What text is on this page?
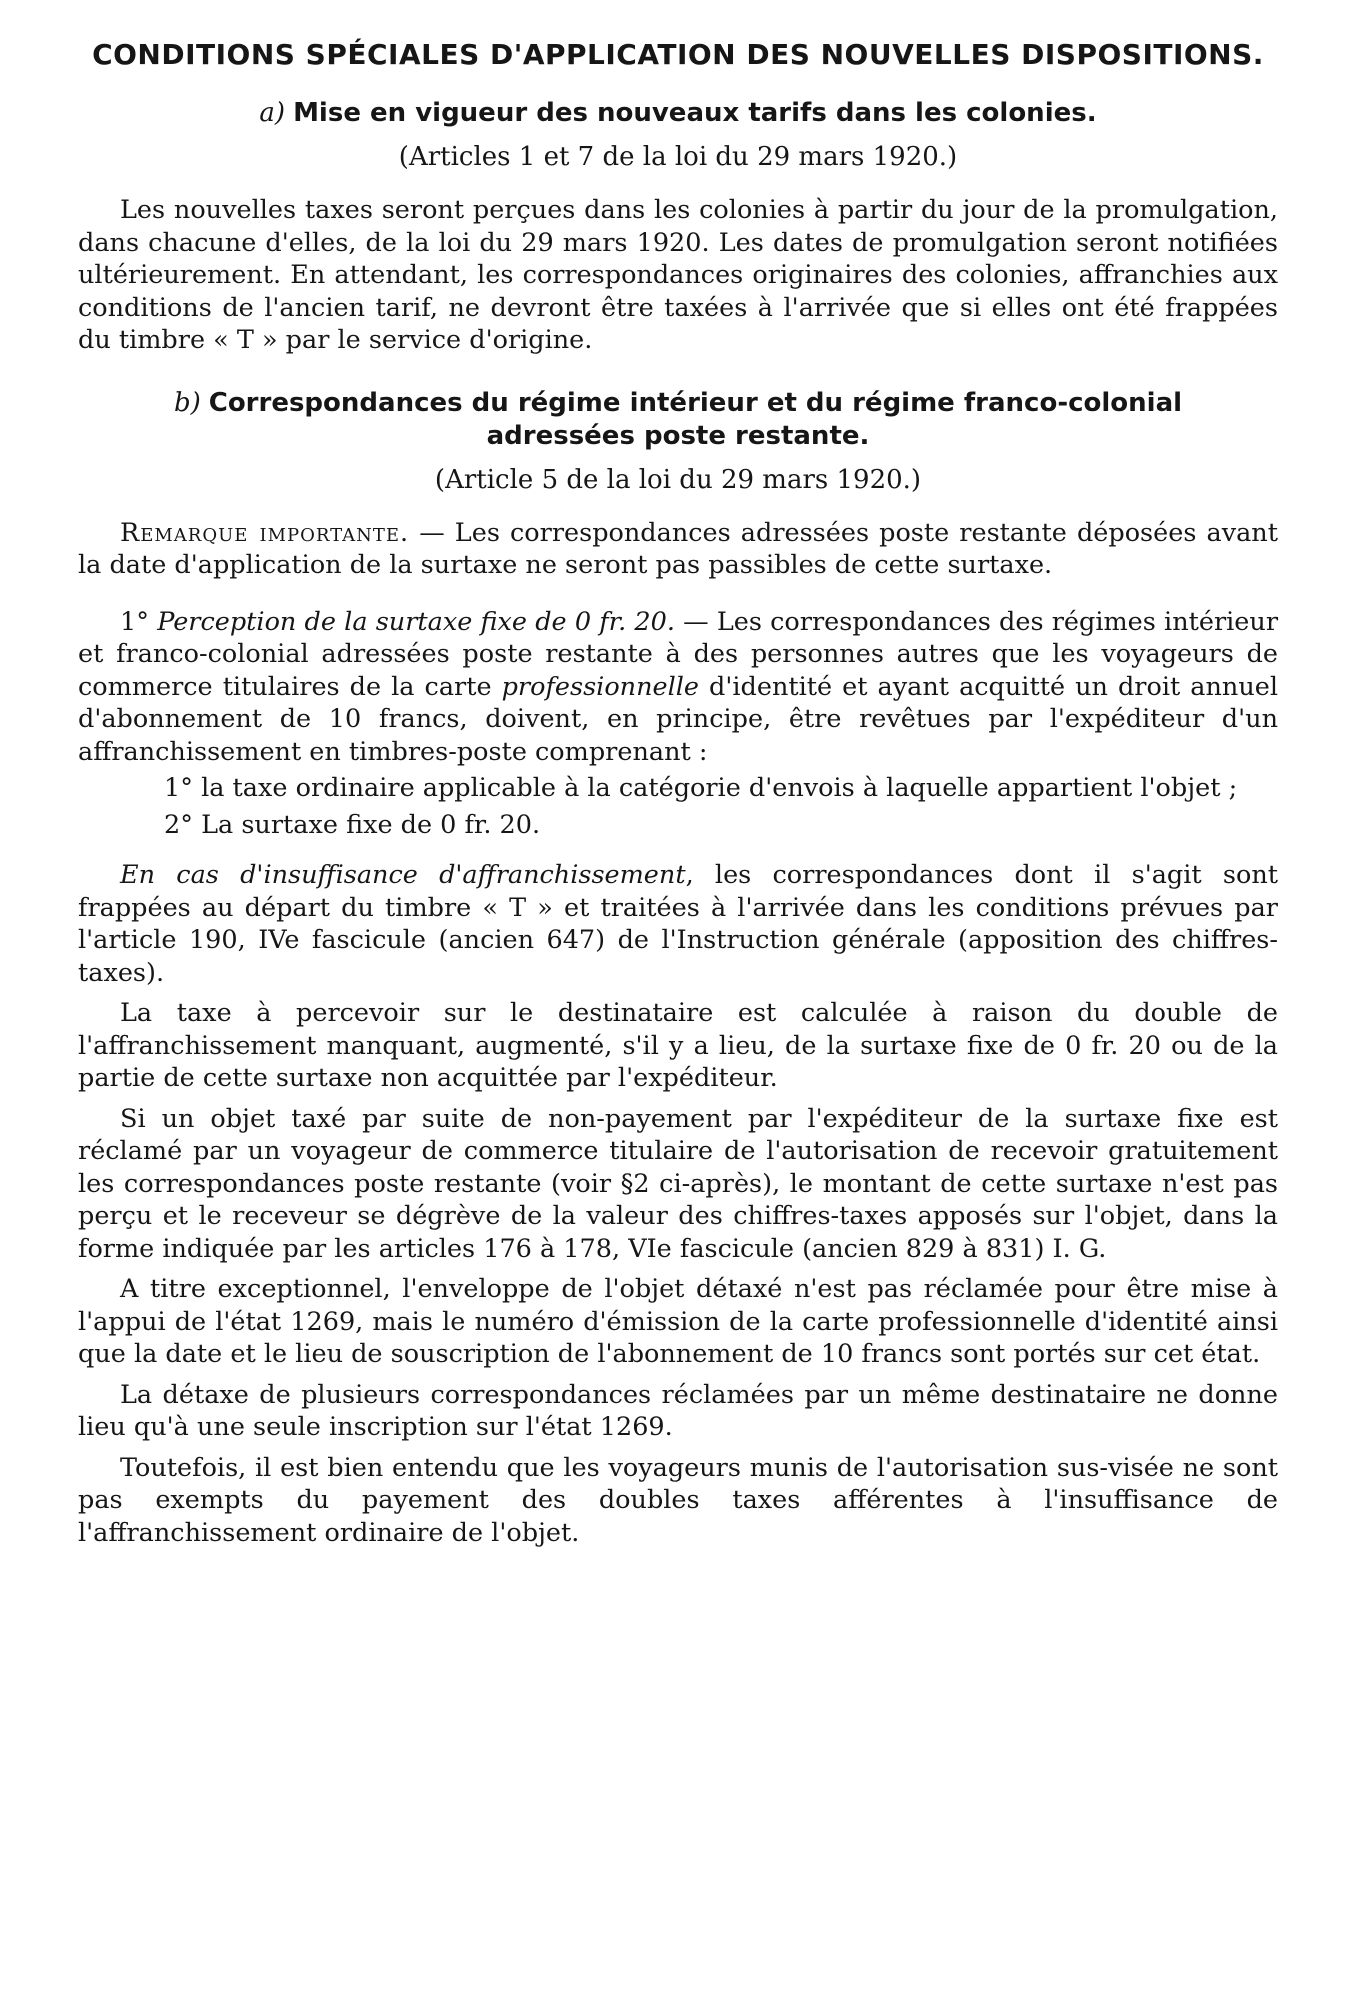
CONDITIONS SPÉCIALES D'APPLICATION DES NOUVELLES DISPOSITIONS.
a) Mise en vigueur des nouveaux tarifs dans les colonies.
(Articles 1 et 7 de la loi du 29 mars 1920.)

Les nouvelles taxes seront perçues dans les colonies à partir du jour de la promulgation, dans chacune d'elles, de la loi du 29 mars 1920. Les dates de promulgation seront notifiées ultérieurement. En attendant, les correspondances originaires des colonies, affranchies aux conditions de l'ancien tarif, ne devront être taxées à l'arrivée que si elles ont été frappées du timbre « T » par le service d'origine.

b) Correspondances du régime intérieur et du régime franco-colonial adressées poste restante.
(Article 5 de la loi du 29 mars 1920.)

Remarque importante. — Les correspondances adressées poste restante déposées avant la date d'application de la surtaxe ne seront pas passibles de cette surtaxe.

1° Perception de la surtaxe fixe de 0 fr. 20. — Les correspondances des régimes intérieur et franco-colonial adressées poste restante à des personnes autres que les voyageurs de commerce titulaires de la carte professionnelle d'identité et ayant acquitté un droit annuel d'abonnement de 10 francs, doivent, en principe, être revêtues par l'expéditeur d'un affranchissement en timbres-poste comprenant :

1° la taxe ordinaire applicable à la catégorie d'envois à laquelle appartient l'objet ;
2° La surtaxe fixe de 0 fr. 20.

En cas d'insuffisance d'affranchissement, les correspondances dont il s'agit sont frappées au départ du timbre « T » et traitées à l'arrivée dans les conditions prévues par l'article 190, IVe fascicule (ancien 647) de l'Instruction générale (apposition des chiffres-taxes).

La taxe à percevoir sur le destinataire est calculée à raison du double de l'affranchissement manquant, augmenté, s'il y a lieu, de la surtaxe fixe de 0 fr. 20 ou de la partie de cette surtaxe non acquittée par l'expéditeur.

Si un objet taxé par suite de non-payement par l'expéditeur de la surtaxe fixe est réclamé par un voyageur de commerce titulaire de l'autorisation de recevoir gratuitement les correspondances poste restante (voir §2 ci-après), le montant de cette surtaxe n'est pas perçu et le receveur se dégrève de la valeur des chiffres-taxes apposés sur l'objet, dans la forme indiquée par les articles 176 à 178, VIe fascicule (ancien 829 à 831) I. G.

A titre exceptionnel, l'enveloppe de l'objet détaxé n'est pas réclamée pour être mise à l'appui de l'état 1269, mais le numéro d'émission de la carte professionnelle d'identité ainsi que la date et le lieu de souscription de l'abonnement de 10 francs sont portés sur cet état.

La détaxe de plusieurs correspondances réclamées par un même destinataire ne donne lieu qu'à une seule inscription sur l'état 1269.

Toutefois, il est bien entendu que les voyageurs munis de l'autorisation sus-visée ne sont pas exempts du payement des doubles taxes afférentes à l'insuffisance de l'affranchissement ordinaire de l'objet.
